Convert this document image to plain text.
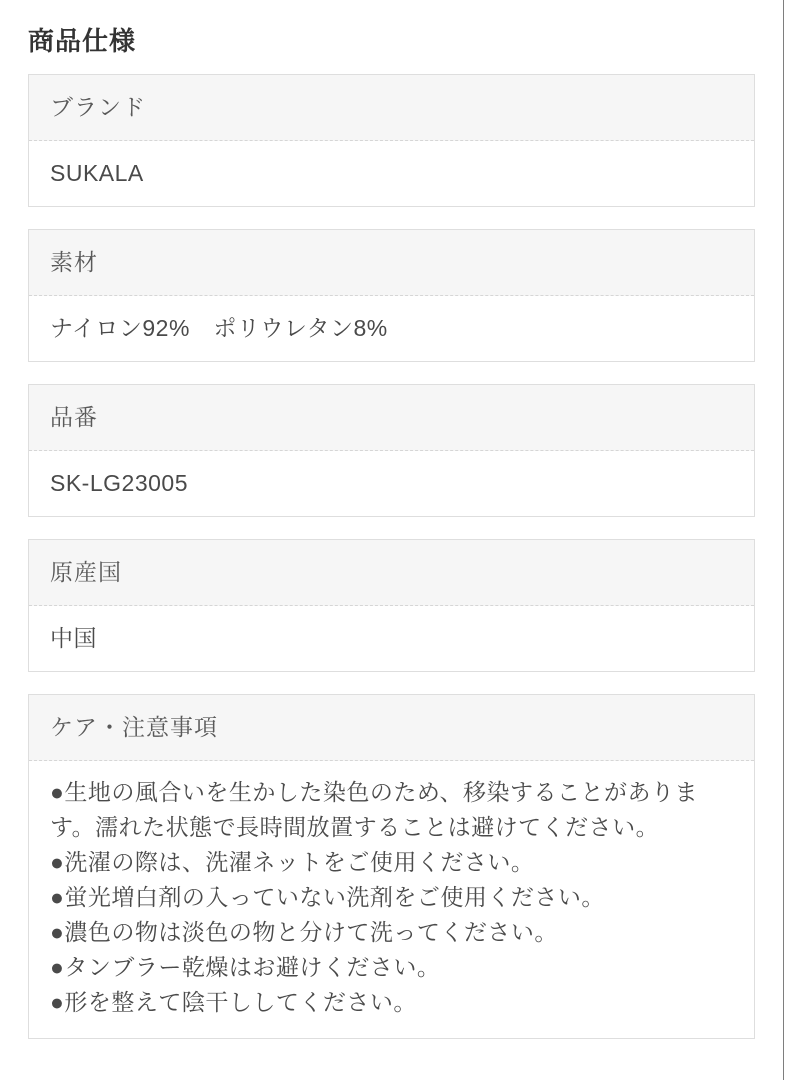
商品仕様
ブランド
SUKALA
素材
ナイロン92%　ポリウレタン8%
品番
SK-LG23005
原産国
中国
ケア・注意事項
●生地の風合いを生かした染色のため、移染することがあります。濡れた状態で長時間放置することは避けてください。
●洗濯の際は、洗濯ネットをご使用ください。
●蛍光増白剤の入っていない洗剤をご使用ください。
●濃色の物は淡色の物と分けて洗ってください。
●タンブラー乾燥はお避けください。
●形を整えて陰干ししてください。
